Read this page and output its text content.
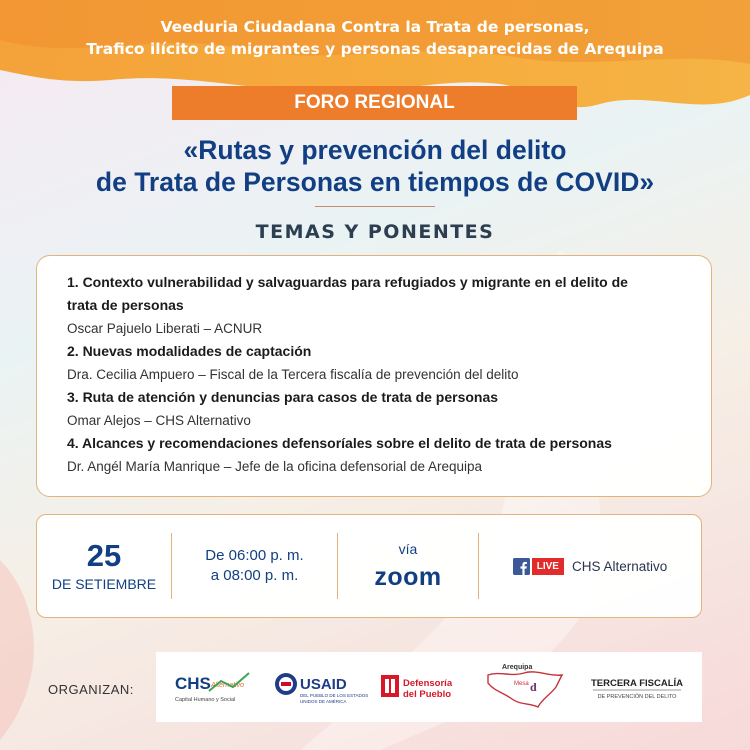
Veeduria Ciudadana Contra la Trata de personas,
Trafico ilícito de migrantes y personas desaparecidas de Arequipa
FORO REGIONAL
«Rutas y prevención del delito
de Trata de Personas en tiempos de COVID»
TEMAS Y PONENTES
1. Contexto vulnerabilidad y salvaguardas para refugiados y migrante en el delito de
trata de personas
Oscar Pajuelo Liberati – ACNUR
2. Nuevas modalidades de captación
Dra. Cecilia Ampuero – Fiscal de la Tercera fiscalía de prevención del delito
3. Ruta de atención y denuncias para casos de trata de personas
Omar Alejos – CHS Alternativo
4. Alcances y recomendaciones defensoríales sobre el delito de trata de personas
Dr. Angél María Manrique – Jefe de la oficina defensorial de Arequipa
25
DE SETIEMBRE
De 06:00 p. m.
a 08:00 p. m.
vía
zoom	LIVE CHS Alternativo
ORGANIZAN: CHS Alternativo
Capital Humano y Social
USAID
DEL PUEBLO DE LOS ESTADOS
UNIDOS DE AMÉRICA
Defensoría
del Pueblo
Arequipa
Mesa d	TERCERA FISCALÍA
DE PREVENCIÓN DEL DELITO
